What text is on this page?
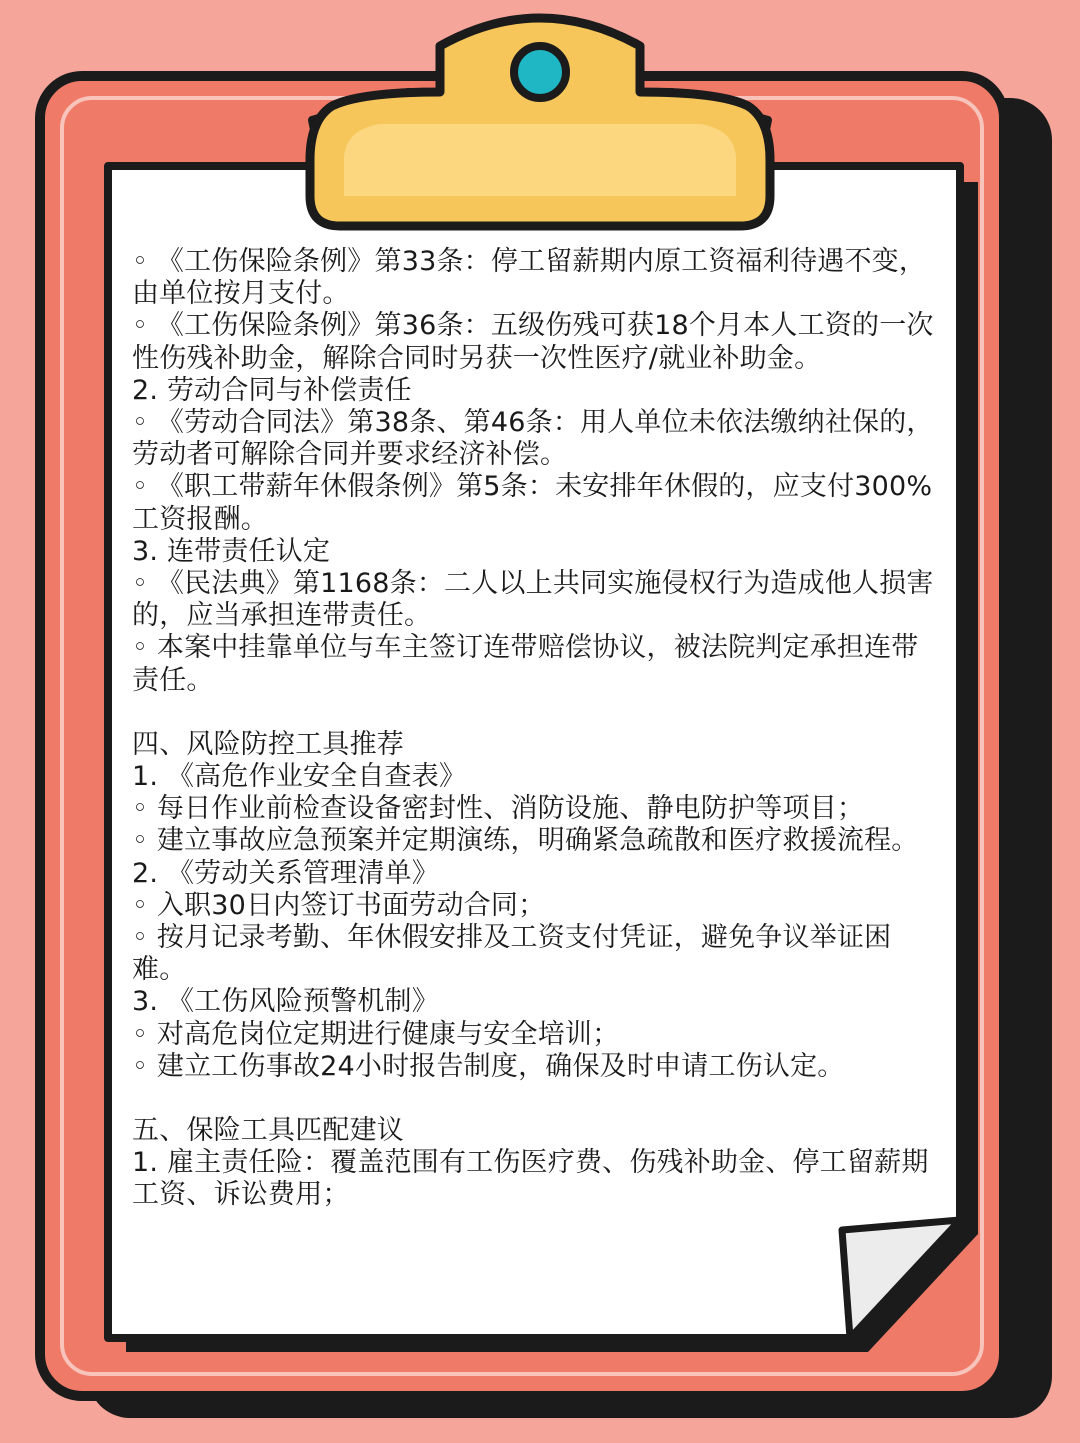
◦ 《工伤保险条例》第33条：停工留薪期内原工资福利待遇不变，由单位按月支付。

◦ 《工伤保险条例》第36条：五级伤残可获18个月本人工资的一次性伤残补助金，解除合同时另获一次性医疗/就业补助金。

2. 劳动合同与补偿责任

◦ 《劳动合同法》第38条、第46条：用人单位未依法缴纳社保的，劳动者可解除合同并要求经济补偿。

◦ 《职工带薪年休假条例》第5条：未安排年休假的，应支付300%工资报酬。

3. 连带责任认定

◦ 《民法典》第1168条：二人以上共同实施侵权行为造成他人损害的，应当承担连带责任。

◦ 本案中挂靠单位与车主签订连带赔偿协议，被法院判定承担连带责任。

四、风险防控工具推荐

1. 《高危作业安全自查表》

◦ 每日作业前检查设备密封性、消防设施、静电防护等项目；

◦ 建立事故应急预案并定期演练，明确紧急疏散和医疗救援流程。

2. 《劳动关系管理清单》

◦ 入职30日内签订书面劳动合同；

◦ 按月记录考勤、年休假安排及工资支付凭证，避免争议举证困难。

3. 《工伤风险预警机制》

◦ 对高危岗位定期进行健康与安全培训；

◦ 建立工伤事故24小时报告制度，确保及时申请工伤认定。

五、保险工具匹配建议

1. 雇主责任险：覆盖范围有工伤医疗费、伤残补助金、停工留薪期工资、诉讼费用；
